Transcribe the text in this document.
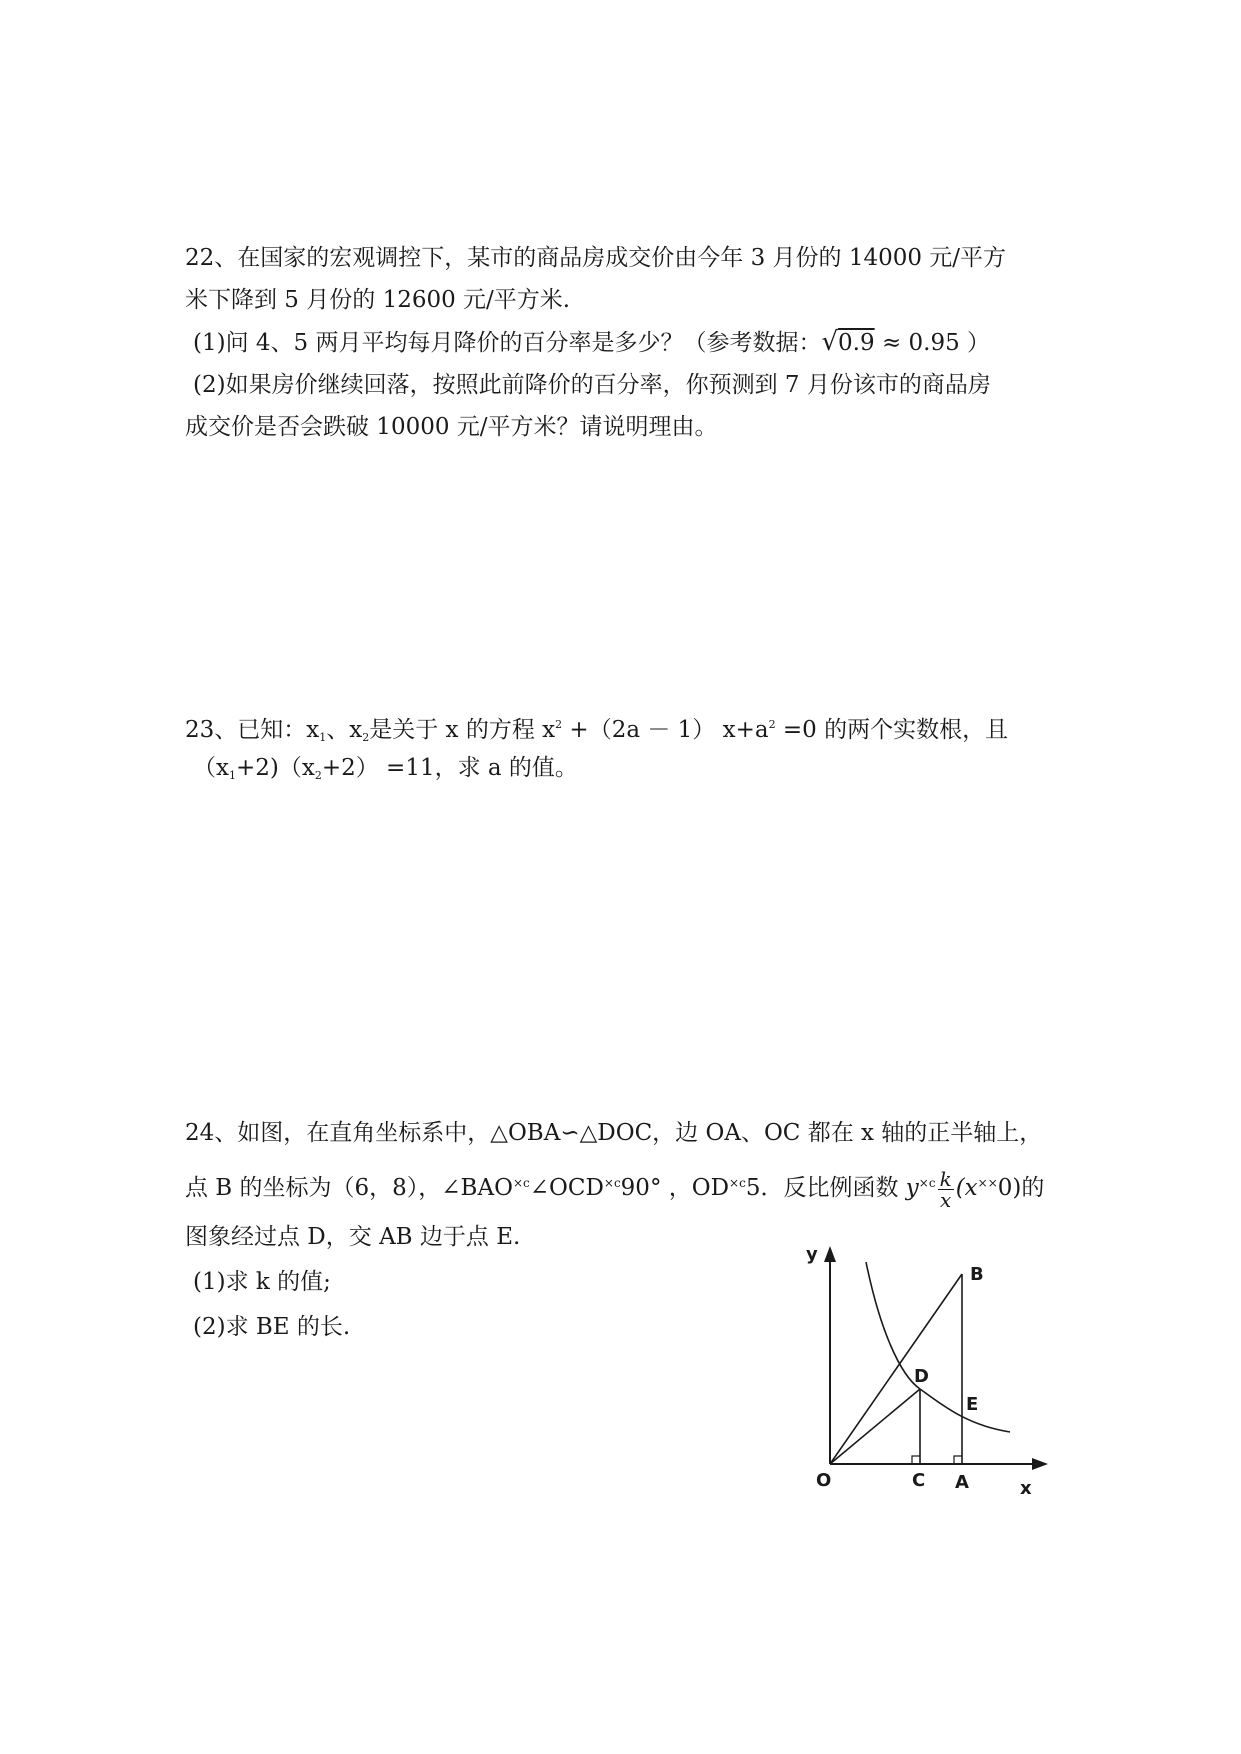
22、在国家的宏观调控下，某市的商品房成交价由今年 3 月份的 14000 元/平方
米下降到 5 月份的 12600 元/平方米.
(1)问 4、5 两月平均每月降价的百分率是多少？（参考数据：√0.9 ≈ 0.95 ）
(2)如果房价继续回落，按照此前降价的百分率，你预测到 7 月份该市的商品房
成交价是否会跌破 10000 元/平方米？请说明理由。
23、已知：$x_1$、$x_2$是关于 x 的方程 $x^2 +(2a - 1)$ $x+a^2 =0$ 的两个实数根，且
$(x_1+2)(x_2+2) =11$，求 a 的值。
24、如图，在直角坐标系中，△OBA∽△DOC，边 OA、OC 都在 x 轴的正半轴上，
点 B 的坐标为（6，8），$\angle BAO^{\times c}\angle OCD^{\times c}90^\circ$ ，$OD^{\times c}5$．反比例函数 $y^{\times c} \frac{k}{x} (x^{\times\times}0)$的
图象经过点 D，交 AB 边于点 E.
(1)求 k 的值;
(2)求 BE 的长.
y
B
D
E
O	C A	x
